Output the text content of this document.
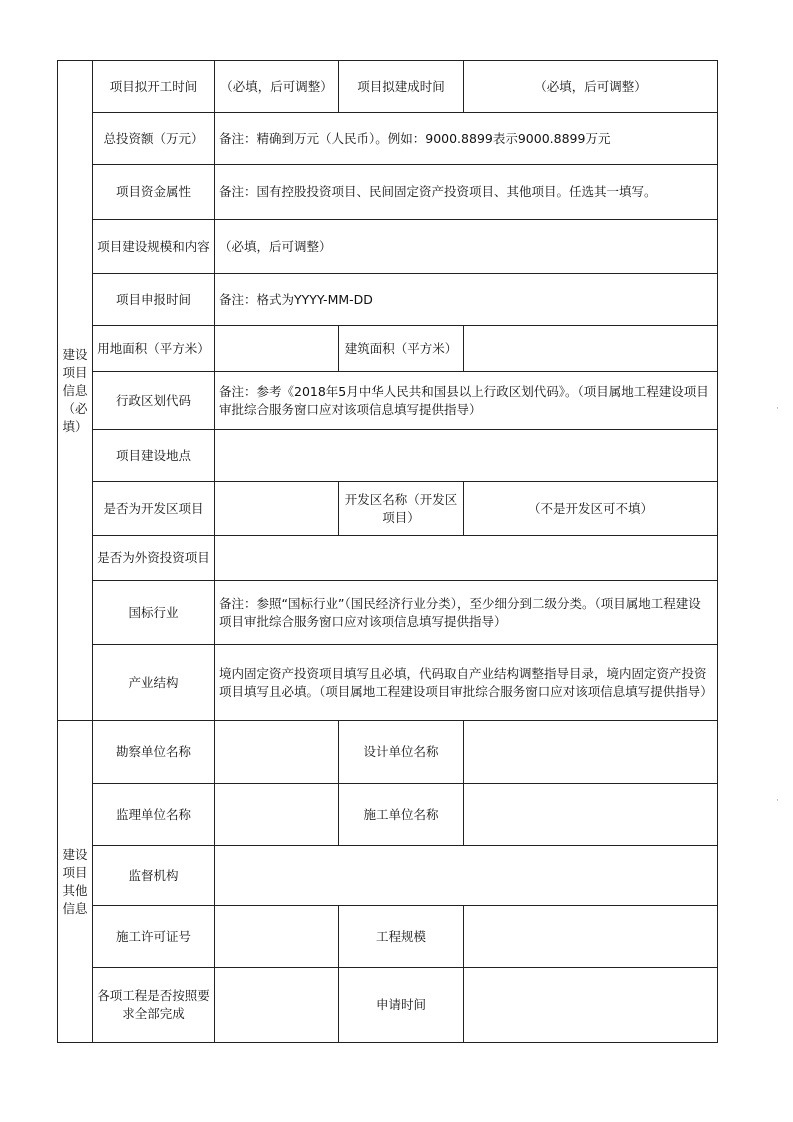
建设项目信息（必填）	项目拟开工时间	（必填，后可调整）	项目拟建成时间	（必填，后可调整）
	总投资额（万元）	备注：精确到万元（人民币）。例如：9000.8899表示9000.8899万元		
	项目资金属性	备注：国有控股投资项目、民间固定资产投资项目、其他项目。任选其一填写。		
	项目建设规模和内容	（必填，后可调整）		
	项目申报时间	备注：格式为YYYY-MM-DD		
	用地面积（平方米）		建筑面积（平方米）	
	行政区划代码	备注：参考《2018年5月中华人民共和国县以上行政区划代码》。（项目属地工程建设项目审批综合服务窗口应对该项信息填写提供指导）		
	项目建设地点			
	是否为开发区项目		开发区名称（开发区项目）	（不是开发区可不填）
	是否为外资投资项目			
	国标行业	备注：参照“国标行业”（国民经济行业分类），至少细分到二级分类。（项目属地工程建设项目审批综合服务窗口应对该项信息填写提供指导）		
	产业结构	境内固定资产投资项目填写且必填，代码取自产业结构调整指导目录，境内固定资产投资项目填写且必填。（项目属地工程建设项目审批综合服务窗口应对该项信息填写提供指导）		
建设项目其他信息	勘察单位名称		设计单位名称	
	监理单位名称		施工单位名称	
	监督机构			
	施工许可证号		工程规模	
	各项工程是否按照要求全部完成		申请时间	
·
·
